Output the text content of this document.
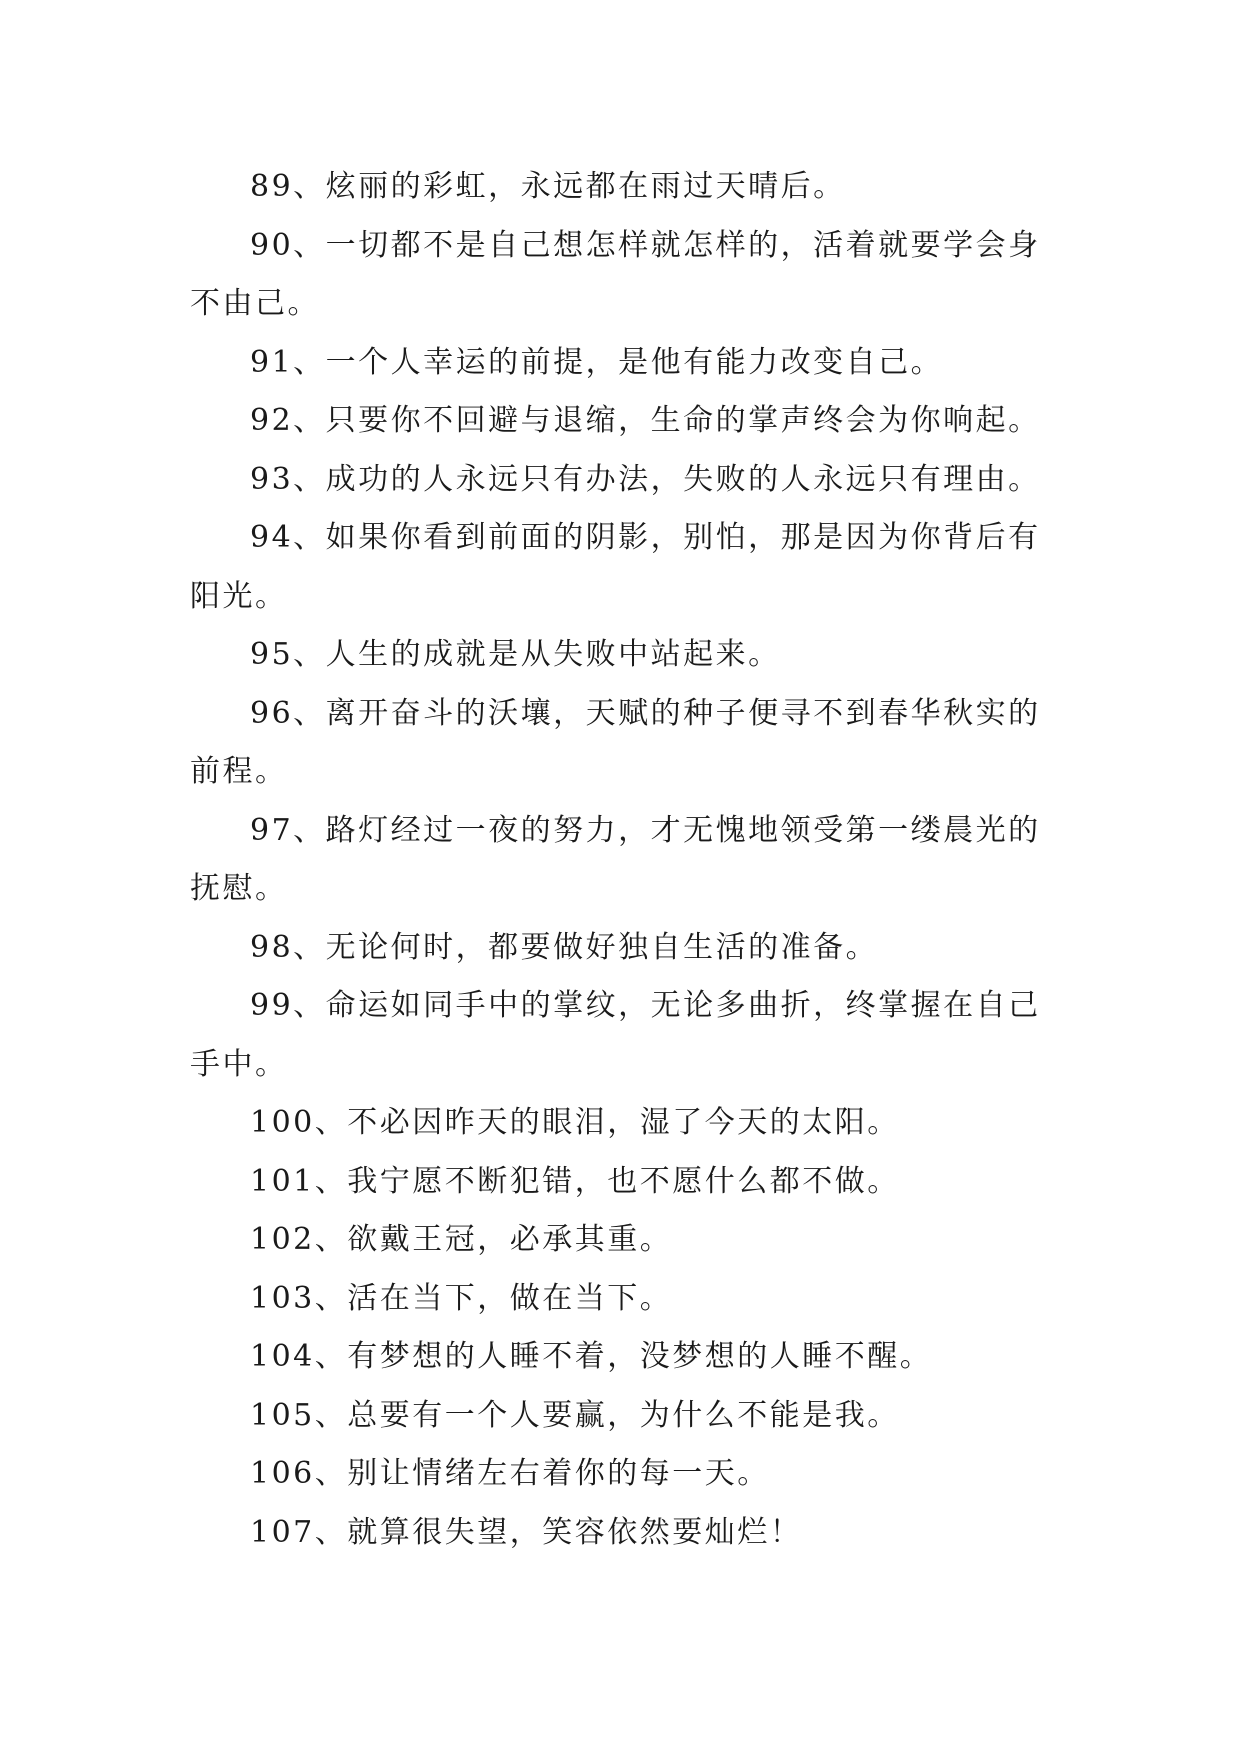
89、炫丽的彩虹，永远都在雨过天晴后。

90、一切都不是自己想怎样就怎样的，活着就要学会身不由己。

91、一个人幸运的前提，是他有能力改变自己。

92、只要你不回避与退缩，生命的掌声终会为你响起。

93、成功的人永远只有办法，失败的人永远只有理由。

94、如果你看到前面的阴影，别怕，那是因为你背后有阳光。

95、人生的成就是从失败中站起来。

96、离开奋斗的沃壤，天赋的种子便寻不到春华秋实的前程。

97、路灯经过一夜的努力，才无愧地领受第一缕晨光的抚慰。

98、无论何时，都要做好独自生活的准备。

99、命运如同手中的掌纹，无论多曲折，终掌握在自己手中。

100、不必因昨天的眼泪，湿了今天的太阳。

101、我宁愿不断犯错，也不愿什么都不做。

102、欲戴王冠，必承其重。

103、活在当下，做在当下。

104、有梦想的人睡不着，没梦想的人睡不醒。

105、总要有一个人要赢，为什么不能是我。

106、别让情绪左右着你的每一天。

107、就算很失望，笑容依然要灿烂！
